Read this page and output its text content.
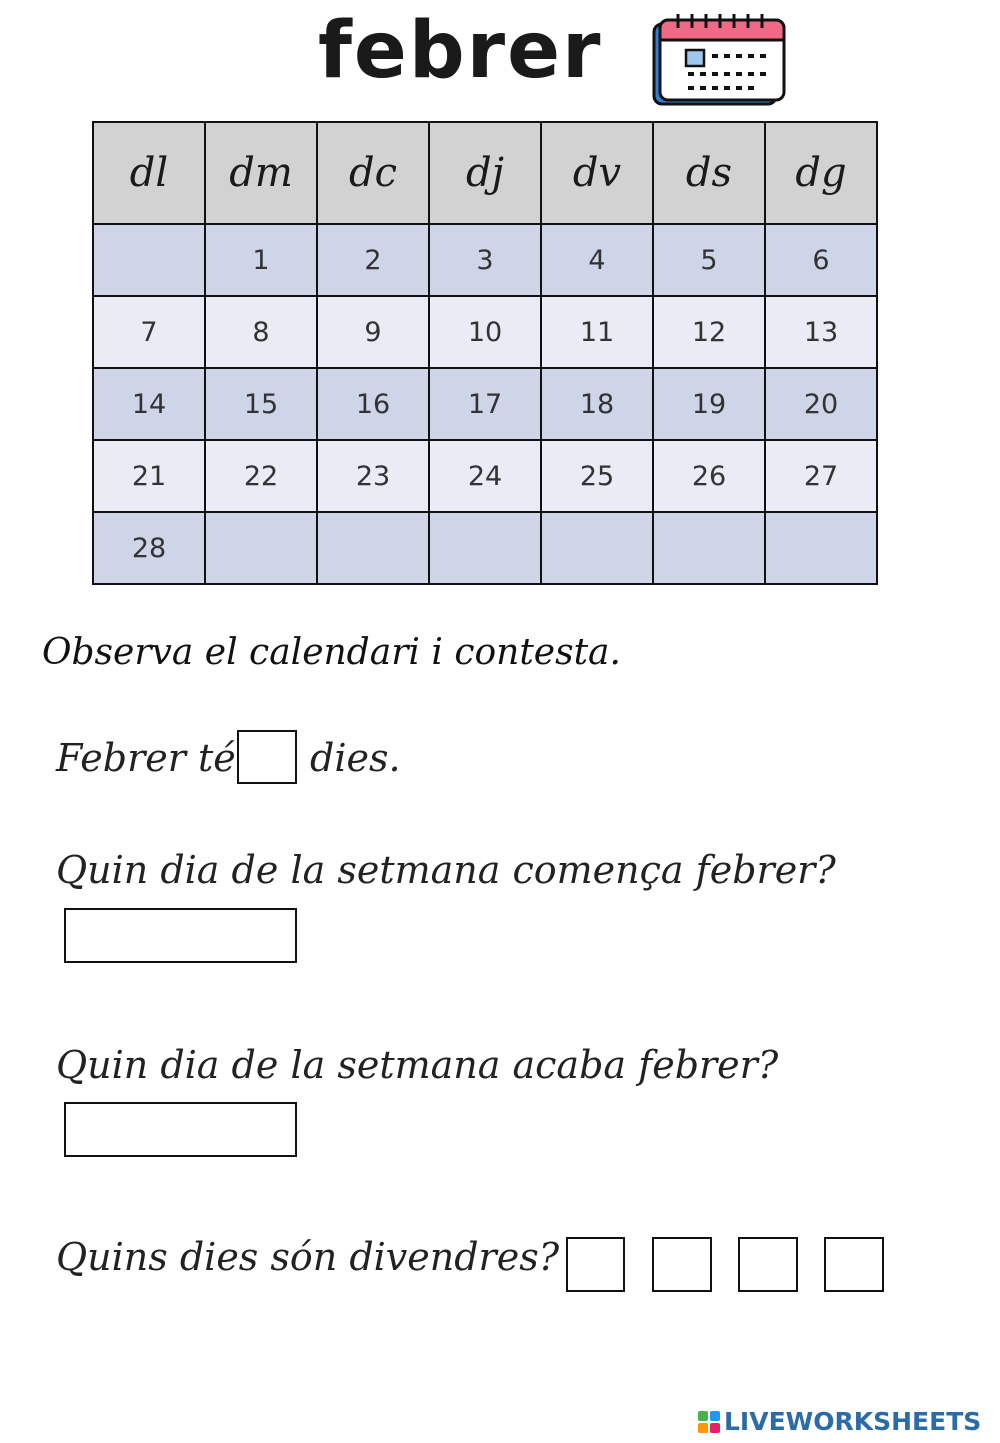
febrer
dl	dm	dc	dj	dv	ds	dg
	1	2	3	4	5	6
7	8	9	10	11	12	13
14	15	16	17	18	19	20
21	22	23	24	25	26	27
28						
Observa el calendari i contesta.
Febrer té dies.
Quin dia de la setmana comença febrer?
Quin dia de la setmana acaba febrer?
Quins dies són divendres?
LIVEWORKSHEETS
